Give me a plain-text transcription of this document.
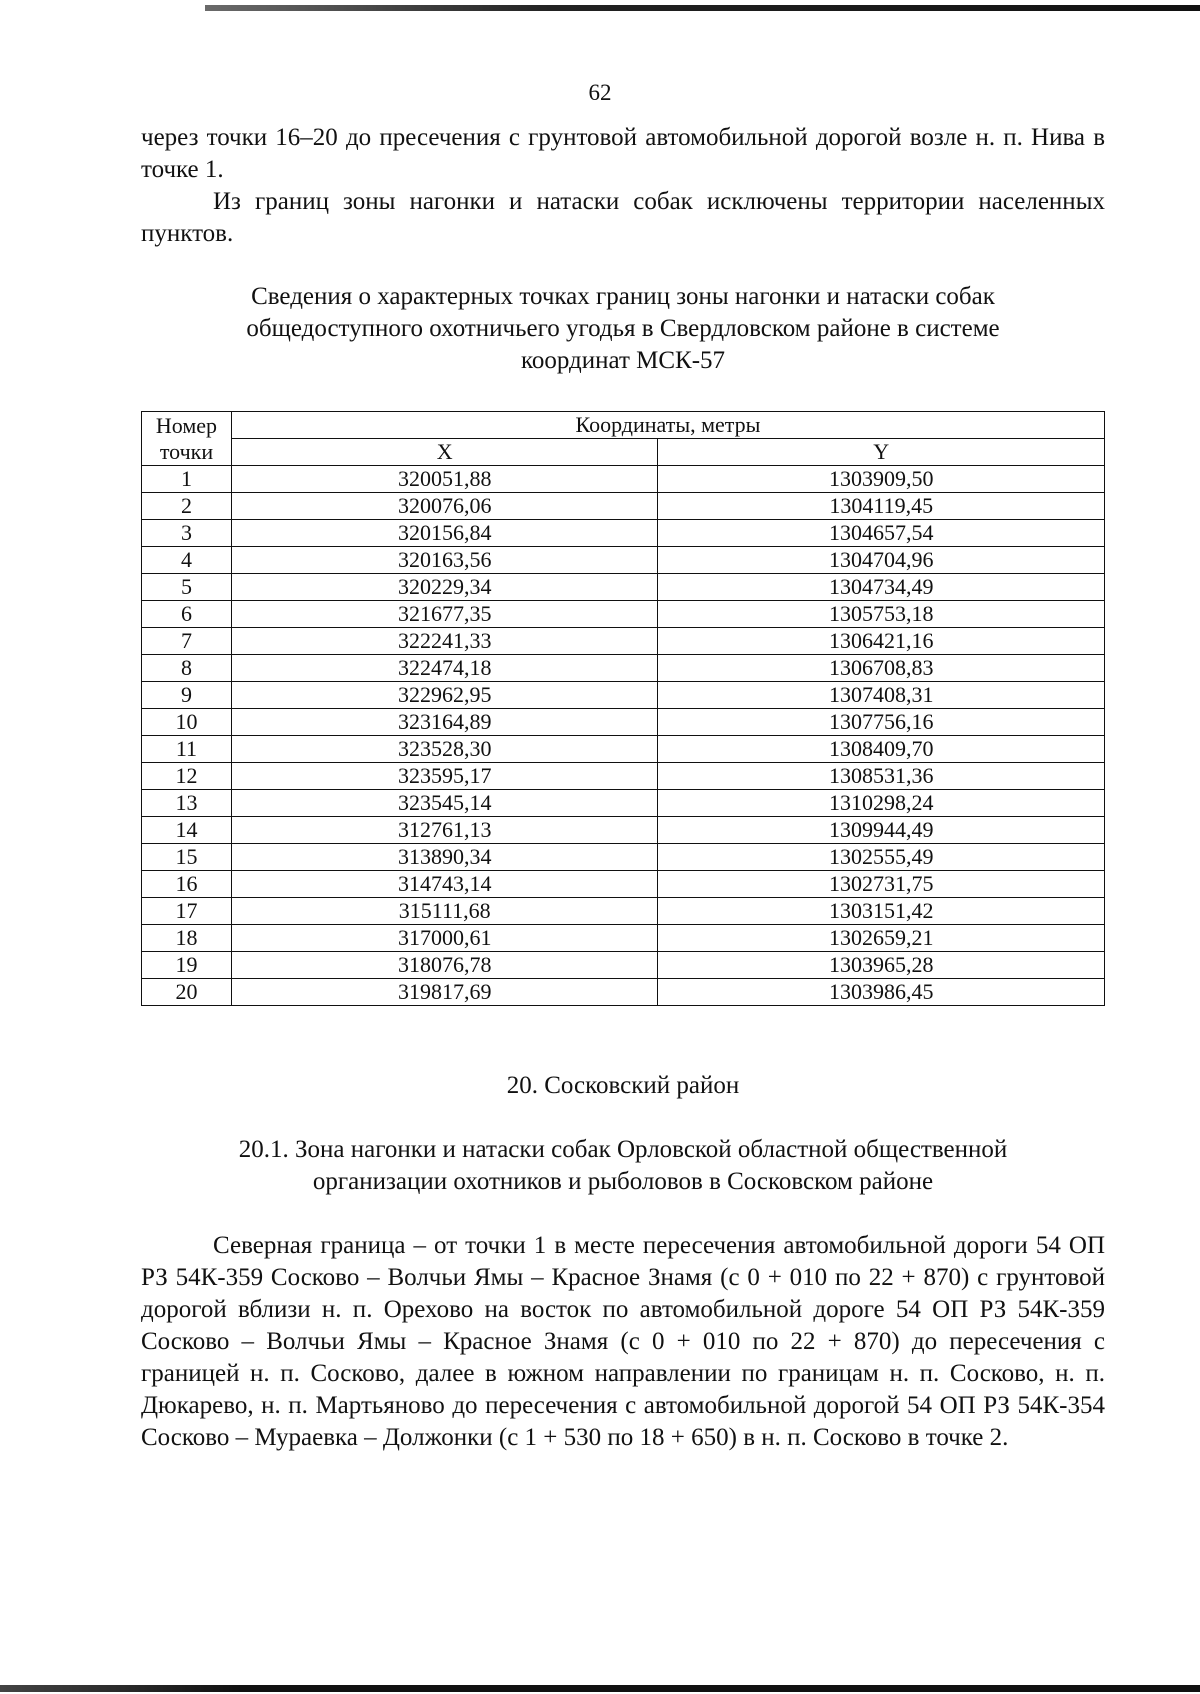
62

через точки 16–20 до пресечения с грунтовой автомобильной дорогой возле н. п. Нива в точке 1.

Из границ зоны нагонки и натаски собак исключены территории населенных пунктов.

Сведения о характерных точках границ зоны нагонки и натаски собак

общедоступного охотничьего угодья в Свердловском районе в системе

координат МСК-57

Номер точки	Координаты, метры	
	X	Y
1	320051,88	1303909,50
2	320076,06	1304119,45
3	320156,84	1304657,54
4	320163,56	1304704,96
5	320229,34	1304734,49
6	321677,35	1305753,18
7	322241,33	1306421,16
8	322474,18	1306708,83
9	322962,95	1307408,31
10	323164,89	1307756,16
11	323528,30	1308409,70
12	323595,17	1308531,36
13	323545,14	1310298,24
14	312761,13	1309944,49
15	313890,34	1302555,49
16	314743,14	1302731,75
17	315111,68	1303151,42
18	317000,61	1302659,21
19	318076,78	1303965,28
20	319817,69	1303986,45

20. Сосковский район

20.1. Зона нагонки и натаски собак Орловской областной общественной

организации охотников и рыболовов в Сосковском районе

Северная граница – от точки 1 в месте пересечения автомобильной дороги 54 ОП РЗ 54К-359 Сосково – Волчьи Ямы – Красное Знамя (с 0 + 010 по 22 + 870) с грунтовой дорогой вблизи н. п. Орехово на восток по автомобильной дороге 54 ОП РЗ 54К-359 Сосково – Волчьи Ямы – Красное Знамя (с 0 + 010 по 22 + 870) до пересечения с границей н. п. Сосково, далее в южном направлении по границам н. п. Сосково, н. п. Дюкарево, н. п. Мартьяново до пересечения с автомобильной дорогой 54 ОП РЗ 54К-354 Сосково – Мураевка – Должонки (с 1 + 530 по 18 + 650) в н. п. Сосково в точке 2.
